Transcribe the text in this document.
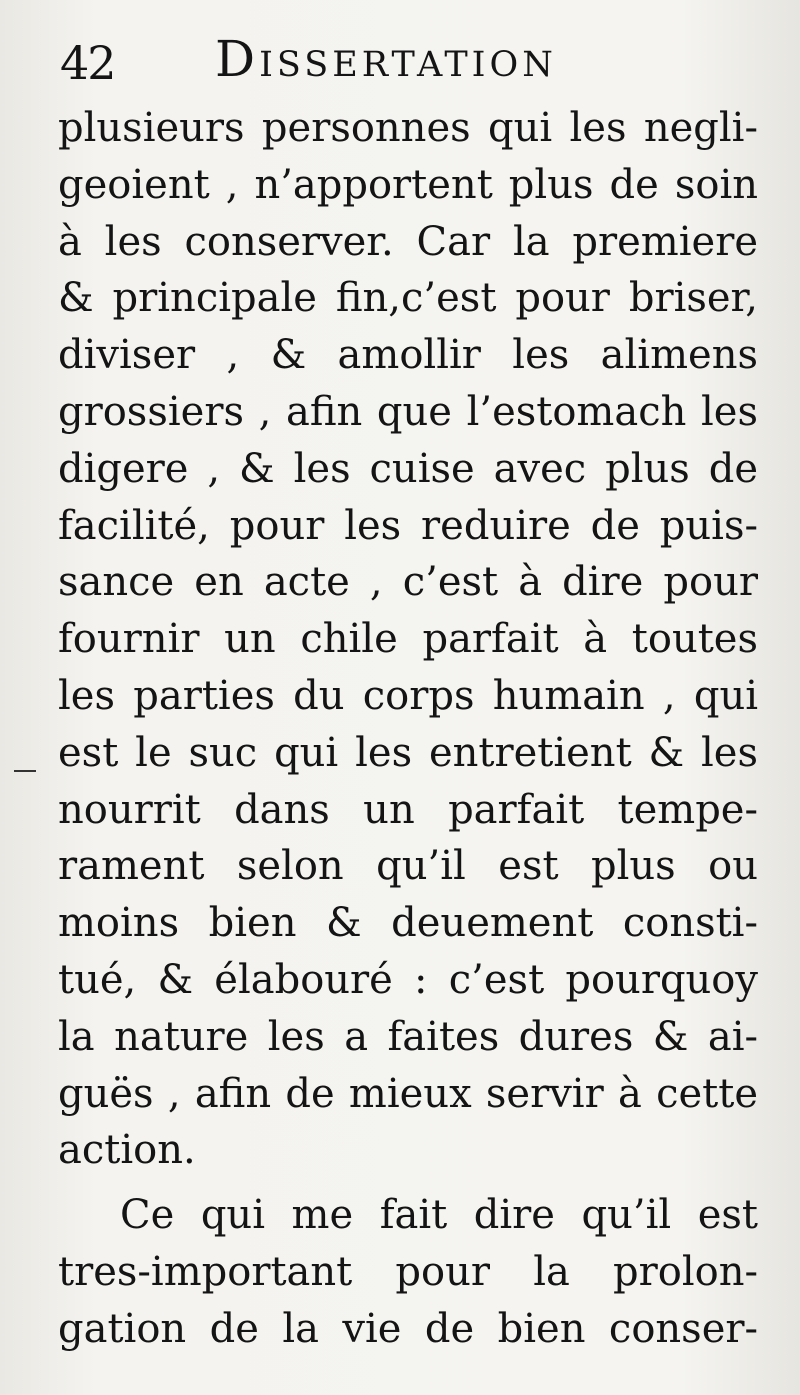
42 Dissertation
plusieurs personnes qui les negli-
geoient , n’apportent plus de soin
à les conserver. Car la premiere
& principale fin,c’est pour briser,
diviser , & amollir les alimens
grossiers , afin que l’estomach les
digere , & les cuise avec plus de
facilité, pour les reduire de puis-
sance en acte , c’est à dire pour
fournir un chile parfait à toutes
les parties du corps humain , qui
est le suc qui les entretient & les
nourrit dans un parfait tempe-
rament selon qu’il est plus ou
moins bien & deuement consti-
tué, & élabouré : c’est pourquoy
la nature les a faites dures & ai-
guës , afin de mieux servir à cette
action.
Ce qui me fait dire qu’il est
tres-important pour la prolon-
gation de la vie de bien conser-
